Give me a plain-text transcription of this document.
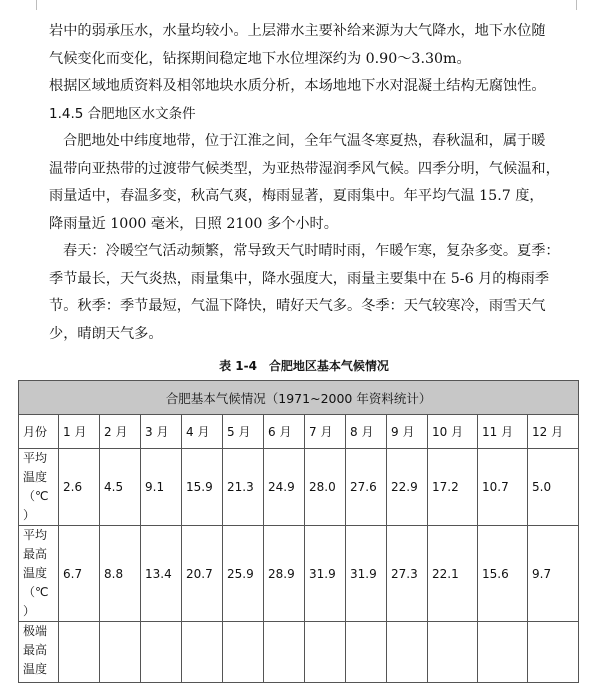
岩中的弱承压水，水量均较小。上层滞水主要补给来源为大气降水，地下水位随

气候变化而变化，钻探期间稳定地下水位埋深约为 0.90～3.30m。

根据区域地质资料及相邻地块水质分析，本场地地下水对混凝土结构无腐蚀性。

1.4.5 合肥地区水文条件

合肥地处中纬度地带，位于江淮之间，全年气温冬寒夏热，春秋温和，属于暖

温带向亚热带的过渡带气候类型，为亚热带湿润季风气候。四季分明，气候温和，

雨量适中，春温多变，秋高气爽，梅雨显著，夏雨集中。年平均气温 15.7 度，

降雨量近 1000 毫米，日照 2100 多个小时。

春天：冷暖空气活动频繁，常导致天气时晴时雨，乍暖乍寒，复杂多变。夏季：

季节最长，天气炎热，雨量集中，降水强度大，雨量主要集中在 5-6 月的梅雨季

节。秋季：季节最短，气温下降快，晴好天气多。冬季：天气较寒冷，雨雪天气

少，晴朗天气多。

表 1-4　合肥地区基本气候情况
合肥基本气候情况（1971~2000 年资料统计）												
月份	1 月	2 月	3 月	4 月	5 月	6 月	7 月	8 月	9 月	10 月	11 月	12 月

平均
温度
（℃
）	2.6	4.5	9.1	15.9	21.3	24.9	28.0	27.6	22.9	17.2	10.7	5.0

平均
最高
温度
（℃
）	6.7	8.8	13.4	20.7	25.9	28.9	31.9	31.9	27.3	22.1	15.6	9.7

极端
最高
温度												
